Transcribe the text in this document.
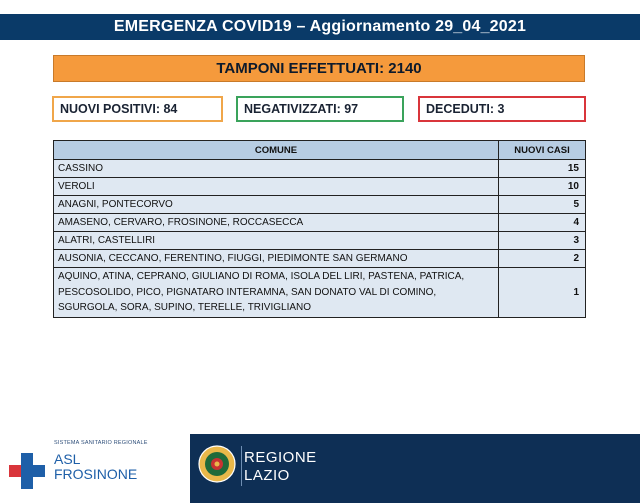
EMERGENZA COVID19 – Aggiornamento 29_04_2021
TAMPONI EFFETTUATI: 2140
NUOVI POSITIVI: 84	NEGATIVIZZATI: 97	DECEDUTI: 3
COMUNE	NUOVI CASI
CASSINO	15
VEROLI	10
ANAGNI, PONTECORVO	5
AMASENO, CERVARO, FROSINONE, ROCCASECCA	4
ALATRI, CASTELLIRI	3
AUSONIA, CECCANO, FERENTINO, FIUGGI, PIEDIMONTE SAN GERMANO	2
AQUINO, ATINA, CEPRANO, GIULIANO DI ROMA, ISOLA DEL LIRI, PASTENA, PATRICA, PESCOSOLIDO, PICO, PIGNATARO INTERAMNA, SAN DONATO VAL DI COMINO, SGURGOLA, SORA, SUPINO, TERELLE, TRIVIGLIANO	1
SISTEMA SANITARIO REGIONALE
ASL
FROSINONE
REGIONE
LAZIO
